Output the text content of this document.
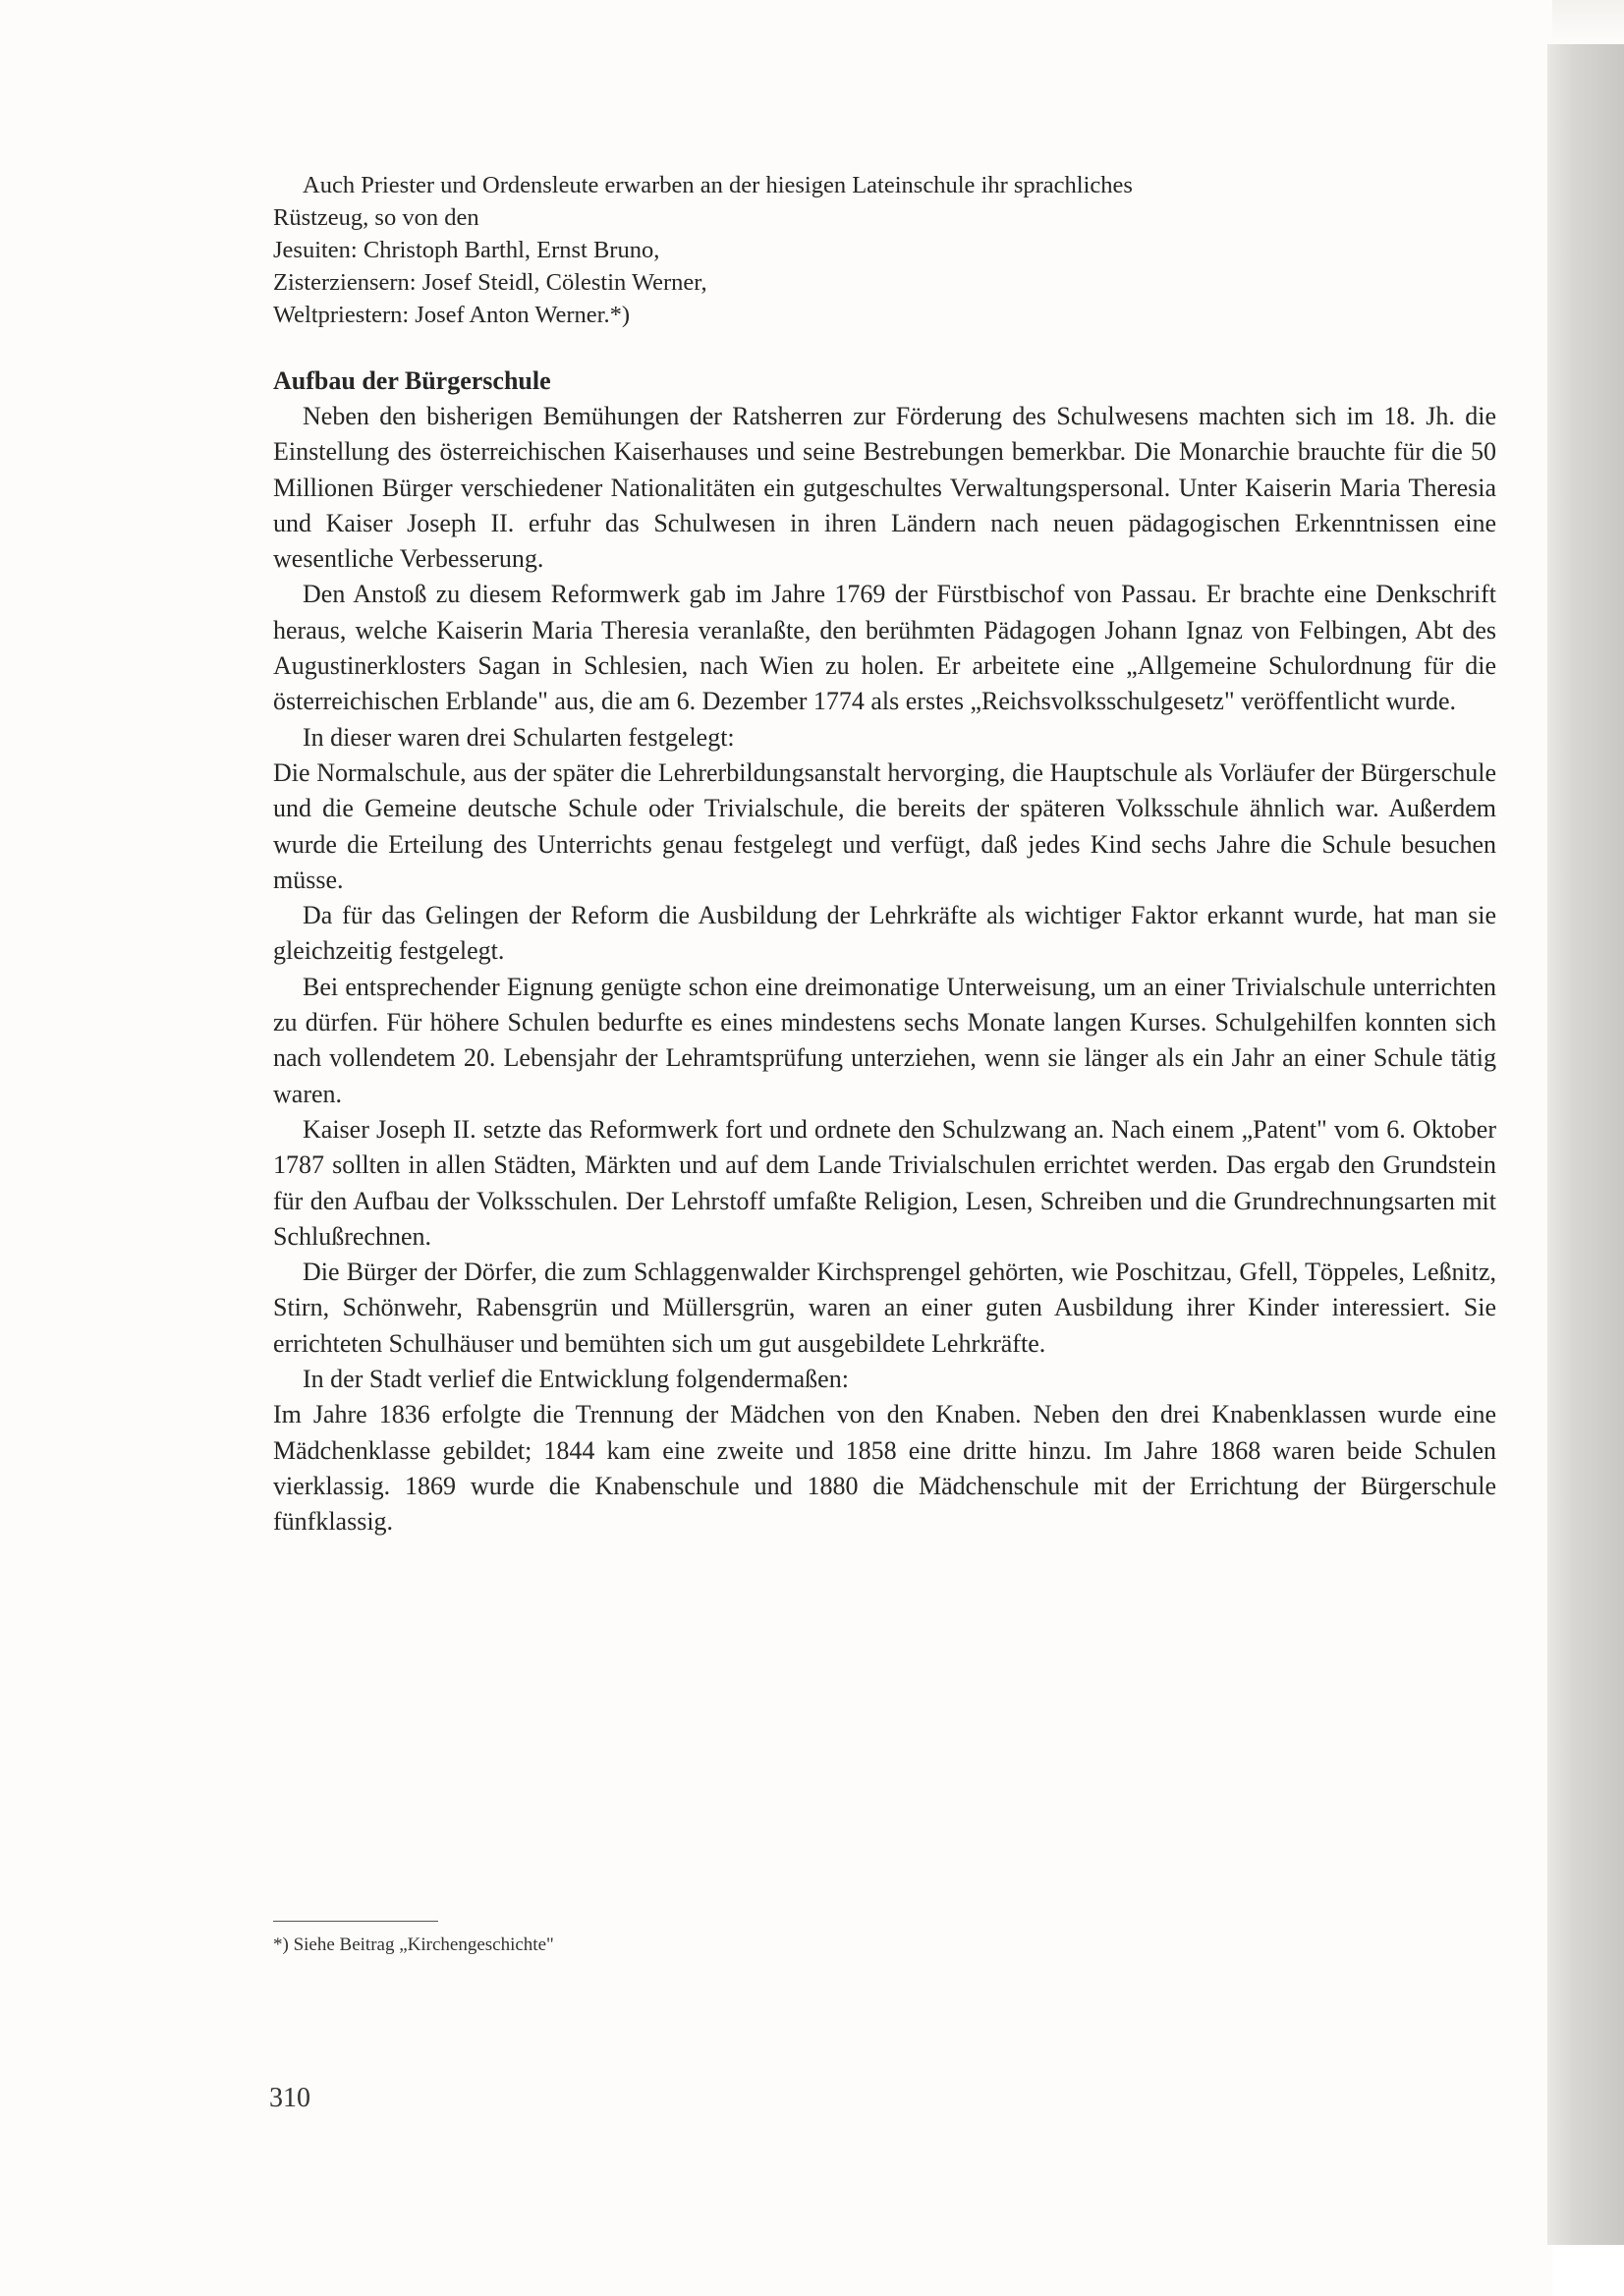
Auch Priester und Ordensleute erwarben an der hiesigen Lateinschule ihr sprachliches
Rüstzeug, so von den
Jesuiten: Christoph Barthl, Ernst Bruno,
Zisterziensern: Josef Steidl, Cölestin Werner,
Weltpriestern: Josef Anton Werner.*)
Aufbau der Bürgerschule

Neben den bisherigen Bemühungen der Ratsherren zur Förderung des Schulwesens machten sich im 18. Jh. die Einstellung des österreichischen Kaiserhauses und seine Bestrebungen bemerkbar. Die Monarchie brauchte für die 50 Millionen Bürger verschiedener Nationalitäten ein gutgeschultes Verwaltungspersonal. Unter Kaiserin Maria Theresia und Kaiser Joseph II. erfuhr das Schulwesen in ihren Ländern nach neuen pädagogischen Erkenntnissen eine wesentliche Verbesserung.

Den Anstoß zu diesem Reformwerk gab im Jahre 1769 der Fürstbischof von Passau. Er brachte eine Denkschrift heraus, welche Kaiserin Maria Theresia veranlaßte, den berühmten Pädagogen Johann Ignaz von Felbingen, Abt des Augustinerklosters Sagan in Schlesien, nach Wien zu holen. Er arbeitete eine „Allgemeine Schulordnung für die österreichischen Erblande" aus, die am 6. Dezember 1774 als erstes „Reichsvolksschulgesetz" veröffentlicht wurde.

In dieser waren drei Schularten festgelegt:

Die Normalschule, aus der später die Lehrerbildungsanstalt hervorging, die Hauptschule als Vorläufer der Bürgerschule und die Gemeine deutsche Schule oder Trivialschule, die bereits der späteren Volksschule ähnlich war. Außerdem wurde die Erteilung des Unterrichts genau festgelegt und verfügt, daß jedes Kind sechs Jahre die Schule besuchen müsse.

Da für das Gelingen der Reform die Ausbildung der Lehrkräfte als wichtiger Faktor erkannt wurde, hat man sie gleichzeitig festgelegt.

Bei entsprechender Eignung genügte schon eine dreimonatige Unterweisung, um an einer Trivialschule unterrichten zu dürfen. Für höhere Schulen bedurfte es eines mindestens sechs Monate langen Kurses. Schulgehilfen konnten sich nach vollendetem 20. Lebensjahr der Lehramtsprüfung unterziehen, wenn sie länger als ein Jahr an einer Schule tätig waren.

Kaiser Joseph II. setzte das Reformwerk fort und ordnete den Schulzwang an. Nach einem „Patent" vom 6. Oktober 1787 sollten in allen Städten, Märkten und auf dem Lande Trivialschulen errichtet werden. Das ergab den Grundstein für den Aufbau der Volksschulen. Der Lehrstoff umfaßte Religion, Lesen, Schreiben und die Grundrechnungsarten mit Schlußrechnen.

Die Bürger der Dörfer, die zum Schlaggenwalder Kirchsprengel gehörten, wie Poschitzau, Gfell, Töppeles, Leßnitz, Stirn, Schönwehr, Rabensgrün und Müllersgrün, waren an einer guten Ausbildung ihrer Kinder interessiert. Sie errichteten Schulhäuser und bemühten sich um gut ausgebildete Lehrkräfte.

In der Stadt verlief die Entwicklung folgendermaßen:

Im Jahre 1836 erfolgte die Trennung der Mädchen von den Knaben. Neben den drei Knabenklassen wurde eine Mädchenklasse gebildet; 1844 kam eine zweite und 1858 eine dritte hinzu. Im Jahre 1868 waren beide Schulen vierklassig. 1869 wurde die Knabenschule und 1880 die Mädchenschule mit der Errichtung der Bürgerschule fünfklassig.

*) Siehe Beitrag „Kirchengeschichte"
310
